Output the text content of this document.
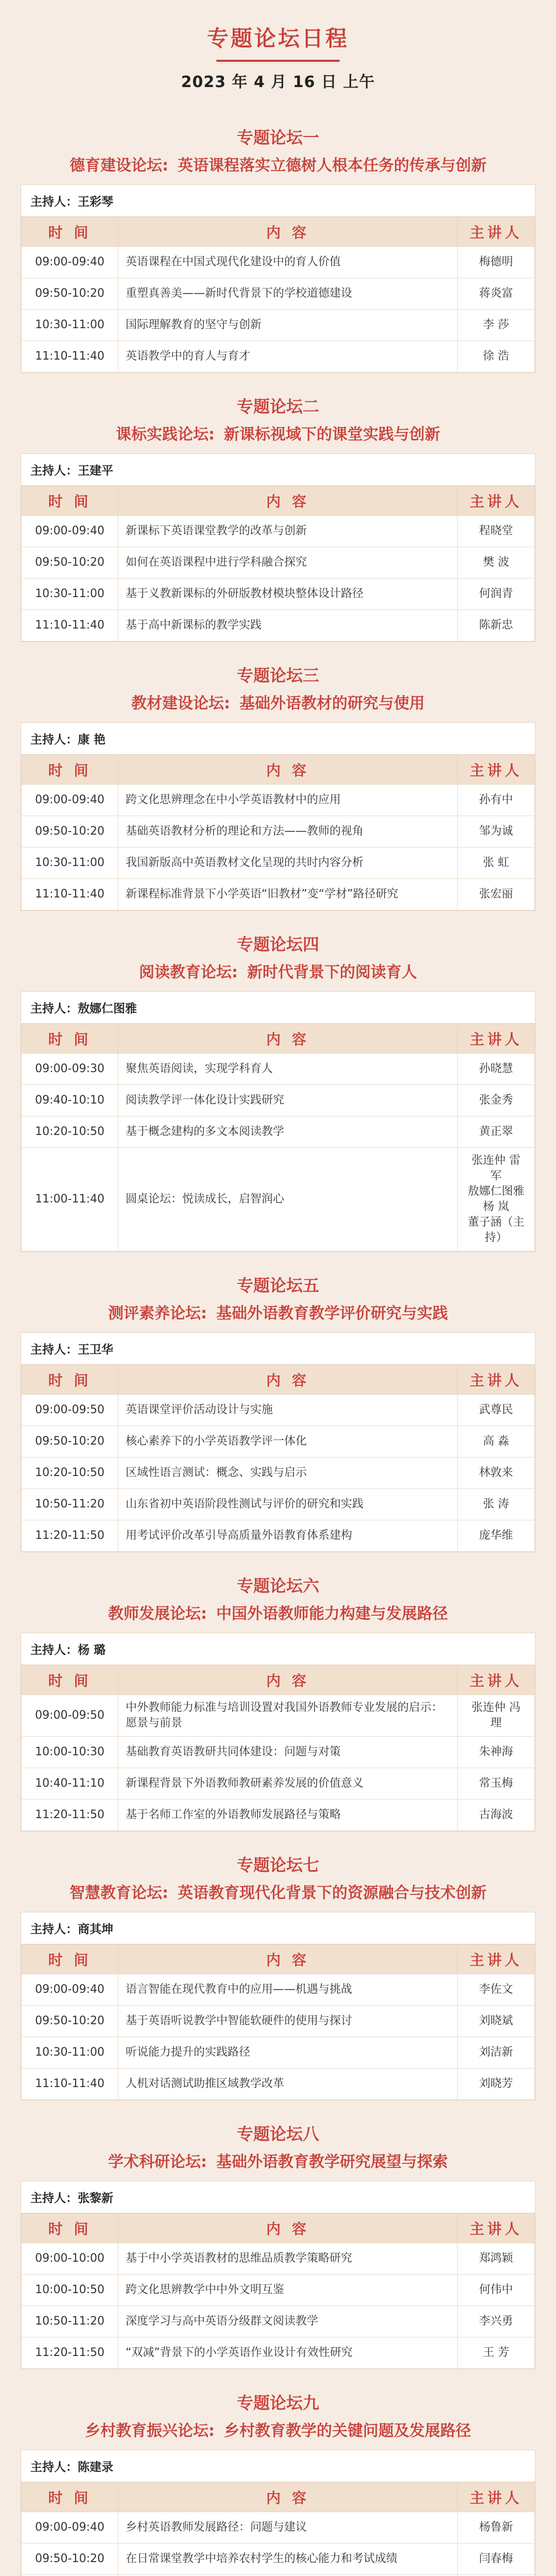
专题论坛日程
2023 年 4 月 16 日 上午
专题论坛一
德育建设论坛: 英语课程落实立德树人根本任务的传承与创新
主持人：王彩琴
时 间	内 容	主讲人
09:00-09:40	英语课程在中国式现代化建设中的育人价值	梅德明
09:50-10:20	重塑真善美——新时代背景下的学校道德建设	蒋炎富
10:30-11:00	国际理解教育的坚守与创新	李 莎
11:10-11:40	英语教学中的育人与育才	徐 浩
专题论坛二
课标实践论坛: 新课标视域下的课堂实践与创新
主持人：王建平
时 间	内 容	主讲人
09:00-09:40	新课标下英语课堂教学的改革与创新	程晓堂
09:50-10:20	如何在英语课程中进行学科融合探究	樊 波
10:30-11:00	基于义教新课标的外研版教材模块整体设计路径	何润青
11:10-11:40	基于高中新课标的教学实践	陈新忠
专题论坛三
教材建设论坛: 基础外语教材的研究与使用
主持人：康 艳
时 间	内 容	主讲人
09:00-09:40	跨文化思辨理念在中小学英语教材中的应用	孙有中
09:50-10:20	基础英语教材分析的理论和方法——教师的视角	邹为诚
10:30-11:00	我国新版高中英语教材文化呈现的共时内容分析	张 虹
11:10-11:40	新课程标准背景下小学英语“旧教材”变“学材”路径研究	张宏丽
专题论坛四
阅读教育论坛: 新时代背景下的阅读育人
主持人：敖娜仁图雅
时 间	内 容	主讲人
09:00-09:30	聚焦英语阅读，实现学科育人	孙晓慧
09:40-10:10	阅读教学评一体化设计实践研究	张金秀
10:20-10:50	基于概念建构的多文本阅读教学	黄正翠
11:00-11:40	圆桌论坛：悦读成长，启智润心	张连仲 雷 军
敖娜仁图雅 杨 岚
董子涵（主持）
专题论坛五
测评素养论坛: 基础外语教育教学评价研究与实践
主持人：王卫华
时 间	内 容	主讲人
09:00-09:50	英语课堂评价活动设计与实施	武尊民
09:50-10:20	核心素养下的小学英语教学评一体化	高 淼
10:20-10:50	区域性语言测试：概念、实践与启示	林敦来
10:50-11:20	山东省初中英语阶段性测试与评价的研究和实践	张 涛
11:20-11:50	用考试评价改革引导高质量外语教育体系建构	庞华维
专题论坛六
教师发展论坛: 中国外语教师能力构建与发展路径
主持人：杨 璐
时 间	内 容	主讲人
09:00-09:50	中外教师能力标准与培训设置对我国外语教师专业发展的启示：愿景与前景	张连仲 冯 理
10:00-10:30	基础教育英语教研共同体建设：问题与对策	朱神海
10:40-11:10	新课程背景下外语教师教研素养发展的价值意义	常玉梅
11:20-11:50	基于名师工作室的外语教师发展路径与策略	古海波
专题论坛七
智慧教育论坛: 英语教育现代化背景下的资源融合与技术创新
主持人：商其坤
时 间	内 容	主讲人
09:00-09:40	语言智能在现代教育中的应用——机遇与挑战	李佐文
09:50-10:20	基于英语听说教学中智能软硬件的使用与探讨	刘晓斌
10:30-11:00	听说能力提升的实践路径	刘洁新
11:10-11:40	人机对话测试助推区域教学改革	刘晓芳
专题论坛八
学术科研论坛: 基础外语教育教学研究展望与探索
主持人：张黎新
时 间	内 容	主讲人
09:00-10:00	基于中小学英语教材的思维品质教学策略研究	郑鸿颖
10:00-10:50	跨文化思辨教学中中外文明互鉴	何伟中
10:50-11:20	深度学习与高中英语分级群文阅读教学	李兴勇
11:20-11:50	“双减”背景下的小学英语作业设计有效性研究	王 芳
专题论坛九
乡村教育振兴论坛: 乡村教育教学的关键问题及发展路径
主持人：陈建录
时 间	内 容	主讲人
09:00-09:40	乡村英语教师发展路径：问题与建议	杨鲁新
09:50-10:20	在日常课堂教学中培养农村学生的核心能力和考试成绩	闫春梅
